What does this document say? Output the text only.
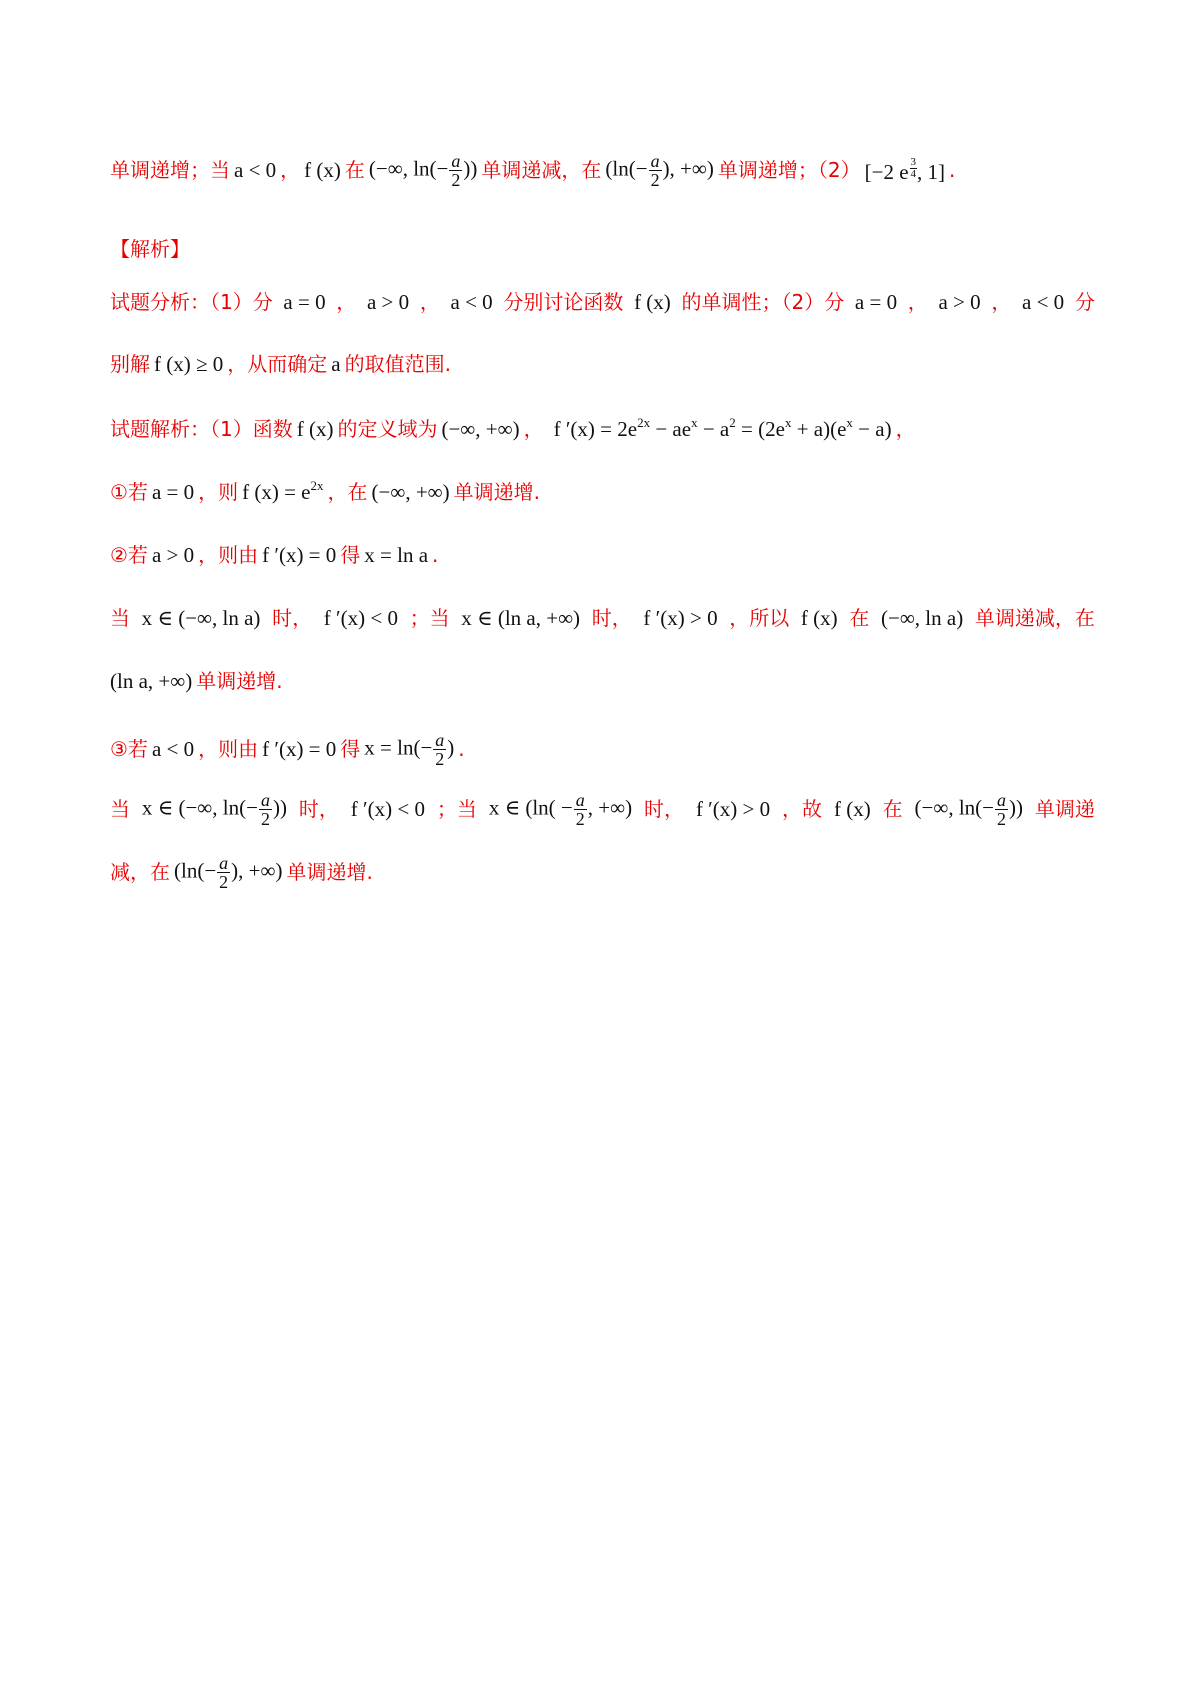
单调递增；当 a < 0 ， f (x) 在 (−∞, $\ln(- \frac{a}{2}$ )) 单调递减，在 ($\ln(- \frac{a}{2}$ ), +∞) 单调递增；（2） [−2 e $\frac{3}{4}$ , 1] .
【解析】
试题分析：（1）分 a = 0 ， a > 0 ， a < 0 分别讨论函数 f (x) 的单调性；（2）分 a = 0 ， a > 0 ， a < 0 分
别解 f (x) ≥ 0 ，从而确定 a 的取值范围.
试题解析：（1）函数 f (x) 的定义域为 (−∞, +∞) ， f $'(x) = 2e^{2x} - ae^x - a^2 = (2e^x + a)(e^x - a)$ ，
①若 a = 0 ，则 f $(x) = e^{2x}$ ，在 (−∞, +∞) 单调递增.
②若 a > 0 ，则由 f ′(x) = 0 得 x = ln a .
当 x ∈ (−∞, ln a) 时， f ′(x) < 0 ；当 x ∈ (ln a, +∞) 时， f ′(x) > 0 ，所以 f (x) 在 (−∞, ln a) 单调递减，在
(ln a, +∞) 单调递增.
③若 a < 0 ，则由 f ′(x) = 0 得 $x = \ln(- \frac{a}{2}$ ) .
当 x ∈ (−∞, $\ln(- \frac{a}{2}$ )) 时， f ′(x) < 0 ；当 x ∈ ($\ln( - \frac{a}{2}$ , +∞) 时， f ′(x) > 0 ，故 f (x) 在 (−∞, $\ln(- \frac{a}{2}$ )) 单调递
减，在 ($\ln(- \frac{a}{2}$ ), +∞) 单调递增.
